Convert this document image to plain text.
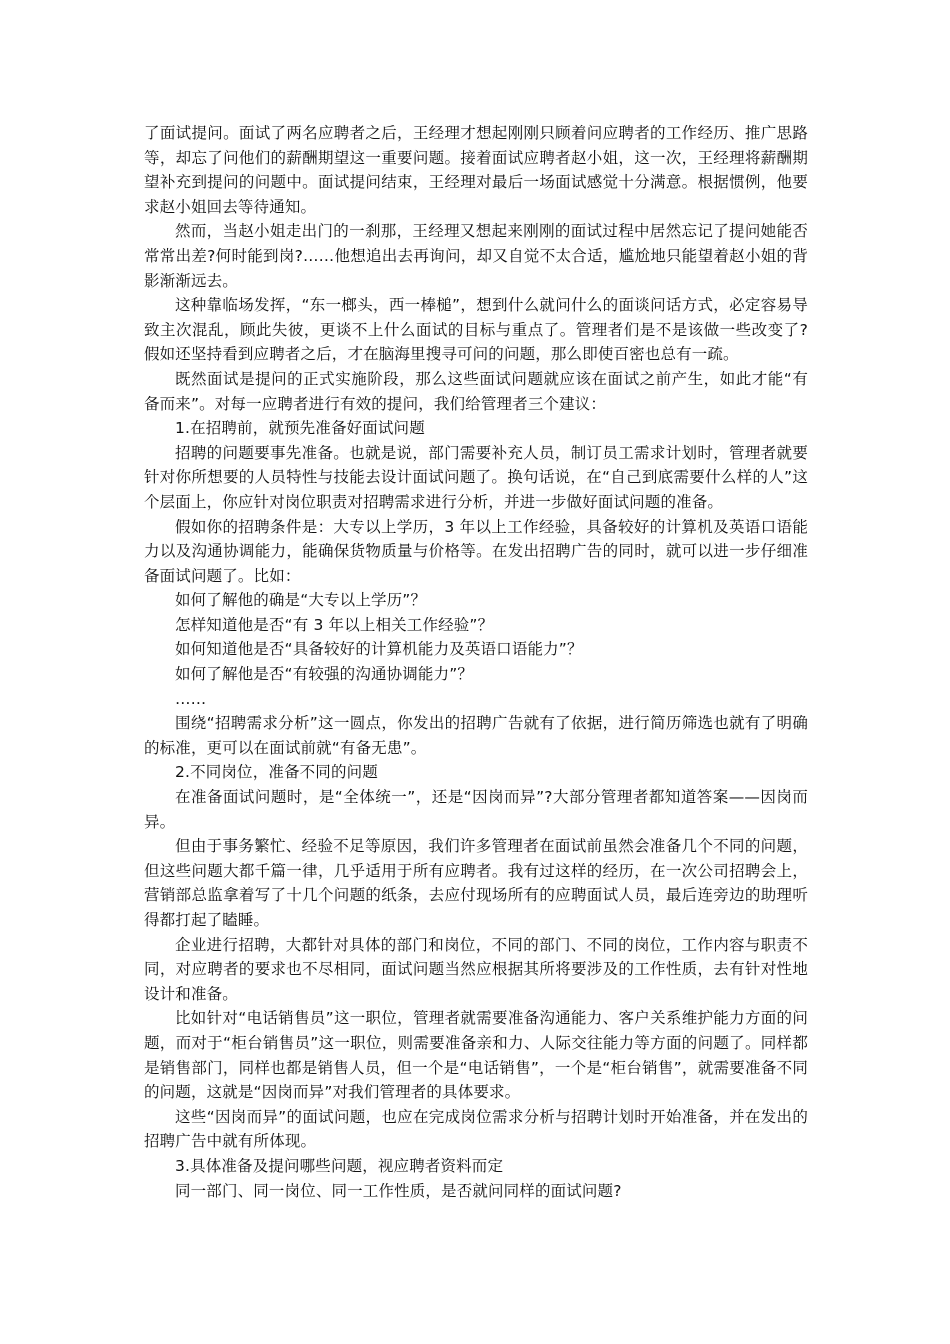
了面试提问。面试了两名应聘者之后，王经理才想起刚刚只顾着问应聘者的工作经历、推广思路等，却忘了问他们的薪酬期望这一重要问题。接着面试应聘者赵小姐，这一次，王经理将薪酬期望补充到提问的问题中。面试提问结束，王经理对最后一场面试感觉十分满意。根据惯例，他要求赵小姐回去等待通知。

然而，当赵小姐走出门的一刹那，王经理又想起来刚刚的面试过程中居然忘记了提问她能否常常出差?何时能到岗?……他想追出去再询问，却又自觉不太合适，尴尬地只能望着赵小姐的背影渐渐远去。

这种靠临场发挥，“东一榔头，西一棒槌”，想到什么就问什么的面谈问话方式，必定容易导致主次混乱，顾此失彼，更谈不上什么面试的目标与重点了。管理者们是不是该做一些改变了?假如还坚持看到应聘者之后，才在脑海里搜寻可问的问题，那么即使百密也总有一疏。

既然面试是提问的正式实施阶段，那么这些面试问题就应该在面试之前产生，如此才能“有备而来”。对每一应聘者进行有效的提问，我们给管理者三个建议：

1.在招聘前，就预先准备好面试问题

招聘的问题要事先准备。也就是说，部门需要补充人员，制订员工需求计划时，管理者就要针对你所想要的人员特性与技能去设计面试问题了。换句话说，在“自己到底需要什么样的人”这个层面上，你应针对岗位职责对招聘需求进行分析，并进一步做好面试问题的准备。

假如你的招聘条件是：大专以上学历，3 年以上工作经验，具备较好的计算机及英语口语能力以及沟通协调能力，能确保货物质量与价格等。在发出招聘广告的同时，就可以进一步仔细准备面试问题了。比如：

如何了解他的确是“大专以上学历”？

怎样知道他是否“有 3 年以上相关工作经验”？

如何知道他是否“具备较好的计算机能力及英语口语能力”？

如何了解他是否“有较强的沟通协调能力”？

……

围绕“招聘需求分析”这一圆点，你发出的招聘广告就有了依据，进行简历筛选也就有了明确的标准，更可以在面试前就“有备无患”。

2.不同岗位，准备不同的问题

在准备面试问题时，是“全体统一”，还是“因岗而异”?大部分管理者都知道答案——因岗而异。

但由于事务繁忙、经验不足等原因，我们许多管理者在面试前虽然会准备几个不同的问题，但这些问题大都千篇一律，几乎适用于所有应聘者。我有过这样的经历，在一次公司招聘会上，营销部总监拿着写了十几个问题的纸条，去应付现场所有的应聘面试人员，最后连旁边的助理听得都打起了瞌睡。

企业进行招聘，大都针对具体的部门和岗位，不同的部门、不同的岗位，工作内容与职责不同，对应聘者的要求也不尽相同，面试问题当然应根据其所将要涉及的工作性质，去有针对性地设计和准备。

比如针对“电话销售员”这一职位，管理者就需要准备沟通能力、客户关系维护能力方面的问题，而对于“柜台销售员”这一职位，则需要准备亲和力、人际交往能力等方面的问题了。同样都是销售部门，同样也都是销售人员，但一个是“电话销售”，一个是“柜台销售”，就需要准备不同的问题，这就是“因岗而异”对我们管理者的具体要求。

这些“因岗而异”的面试问题，也应在完成岗位需求分析与招聘计划时开始准备，并在发出的招聘广告中就有所体现。

3.具体准备及提问哪些问题，视应聘者资料而定

同一部门、同一岗位、同一工作性质，是否就问同样的面试问题?
